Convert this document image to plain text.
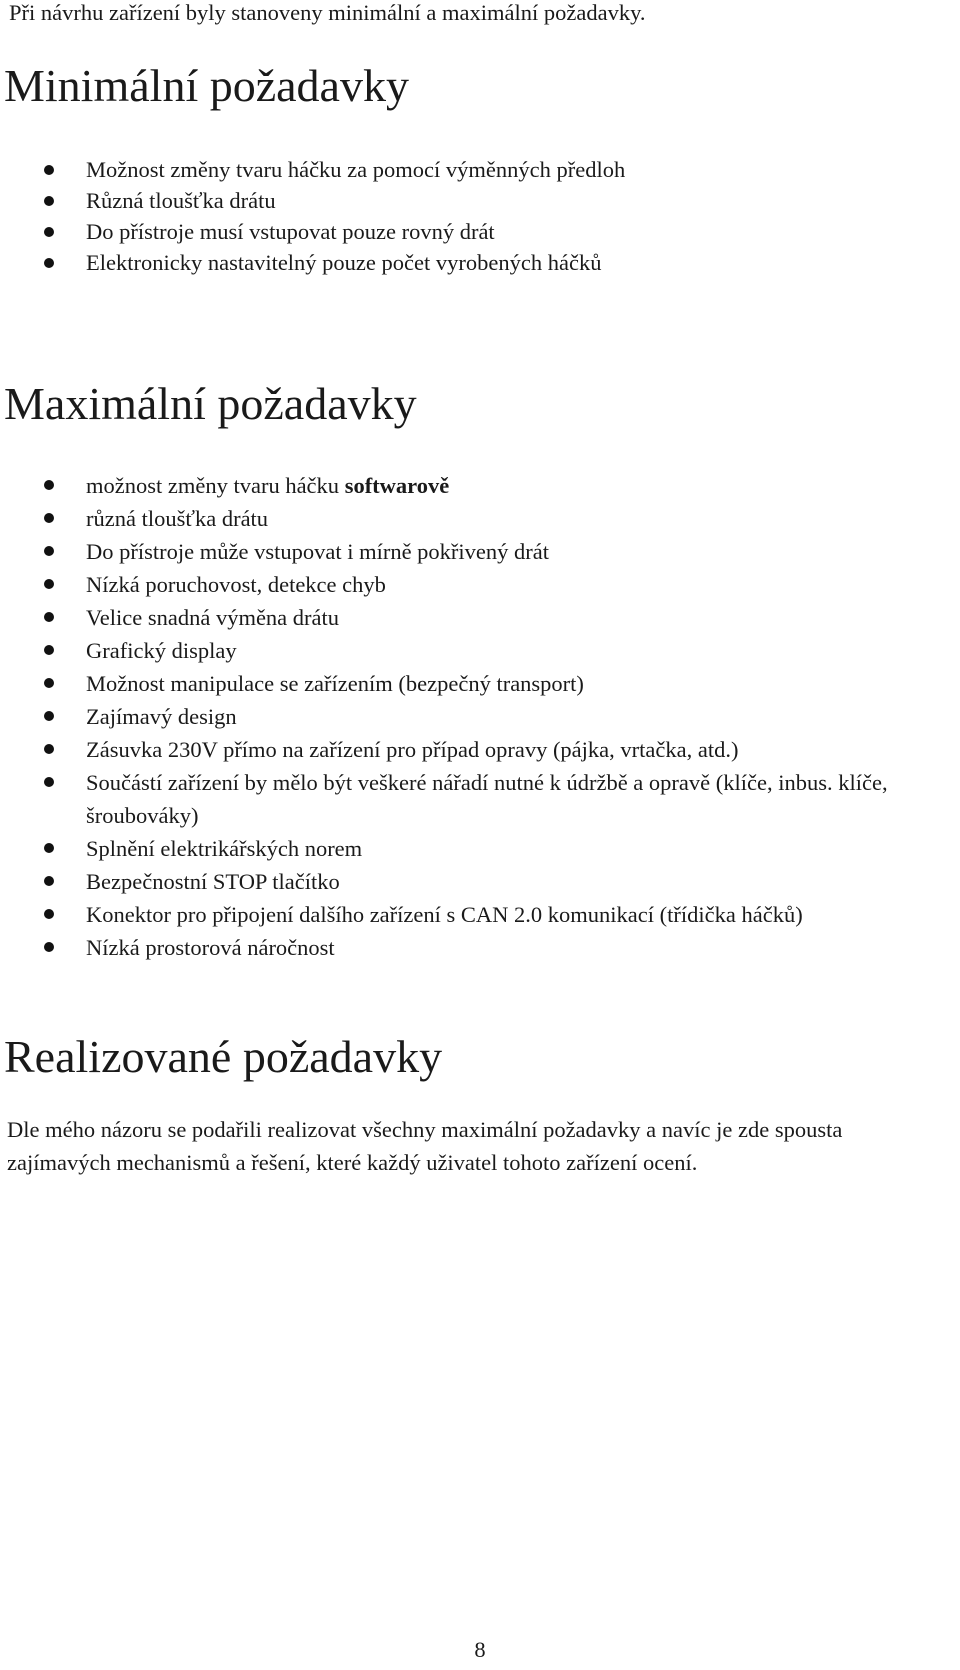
Při návrhu zařízení byly stanoveny minimální a maximální požadavky.

Minimální požadavky
Možnost změny tvaru háčku za pomocí výměnných předloh
Různá tloušťka drátu
Do přístroje musí vstupovat pouze rovný drát
Elektronicky nastavitelný pouze počet vyrobených háčků
Maximální požadavky
možnost změny tvaru háčku softwarově
různá tloušťka drátu
Do přístroje může vstupovat i mírně pokřivený drát
Nízká poruchovost, detekce chyb
Velice snadná výměna drátu
Grafický display
Možnost manipulace se zařízením (bezpečný transport)
Zajímavý design
Zásuvka 230V přímo na zařízení pro případ opravy (pájka, vrtačka, atd.)
Součástí zařízení by mělo být veškeré nářadí nutné k údržbě a opravě (klíče, inbus. klíče, šroubováky)
Splnění elektrikářských norem
Bezpečnostní STOP tlačítko
Konektor pro připojení dalšího zařízení s CAN 2.0 komunikací (třídička háčků)
Nízká prostorová náročnost
Realizované požadavky

Dle mého názoru se podařili realizovat všechny maximální požadavky a navíc je zde spousta zajímavých mechanismů a řešení, které každý uživatel tohoto zařízení ocení.

8
